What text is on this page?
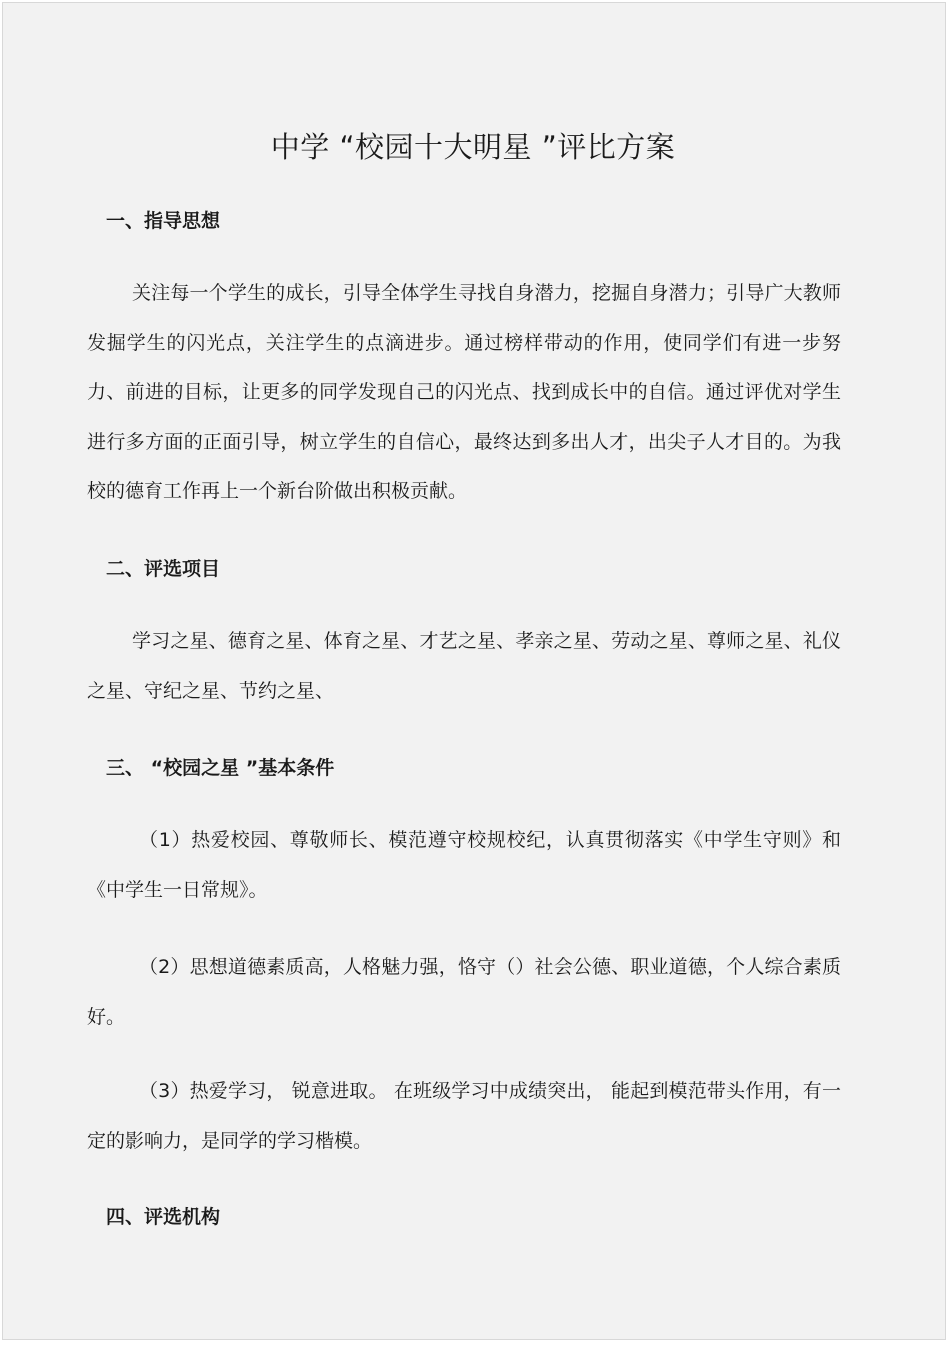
中学 “校园十大明星 ”评比方案
一、指导思想

关注每一个学生的成长，引导全体学生寻找自身潜力，挖掘自身潜力；引导广大教师发掘学生的闪光点，关注学生的点滴进步。通过榜样带动的作用，使同学们有进一步努力、前进的目标，让更多的同学发现自己的闪光点、找到成长中的自信。通过评优对学生进行多方面的正面引导，树立学生的自信心，最终达到多出人才，出尖子人才目的。为我校的德育工作再上一个新台阶做出积极贡献。

二、评选项目

学习之星、德育之星、体育之星、才艺之星、孝亲之星、劳动之星、尊师之星、礼仪之星、守纪之星、节约之星、

三、 “校园之星 ”基本条件

（1）热爱校园、尊敬师长、模范遵守校规校纪，认真贯彻落实《中学生守则》和《中学生一日常规》。

（2）思想道德素质高，人格魅力强，恪守（）社会公德、职业道德，个人综合素质好。

（3）热爱学习， 锐意进取。 在班级学习中成绩突出， 能起到模范带头作用，有一定的影响力，是同学的学习楷模。

四、评选机构
